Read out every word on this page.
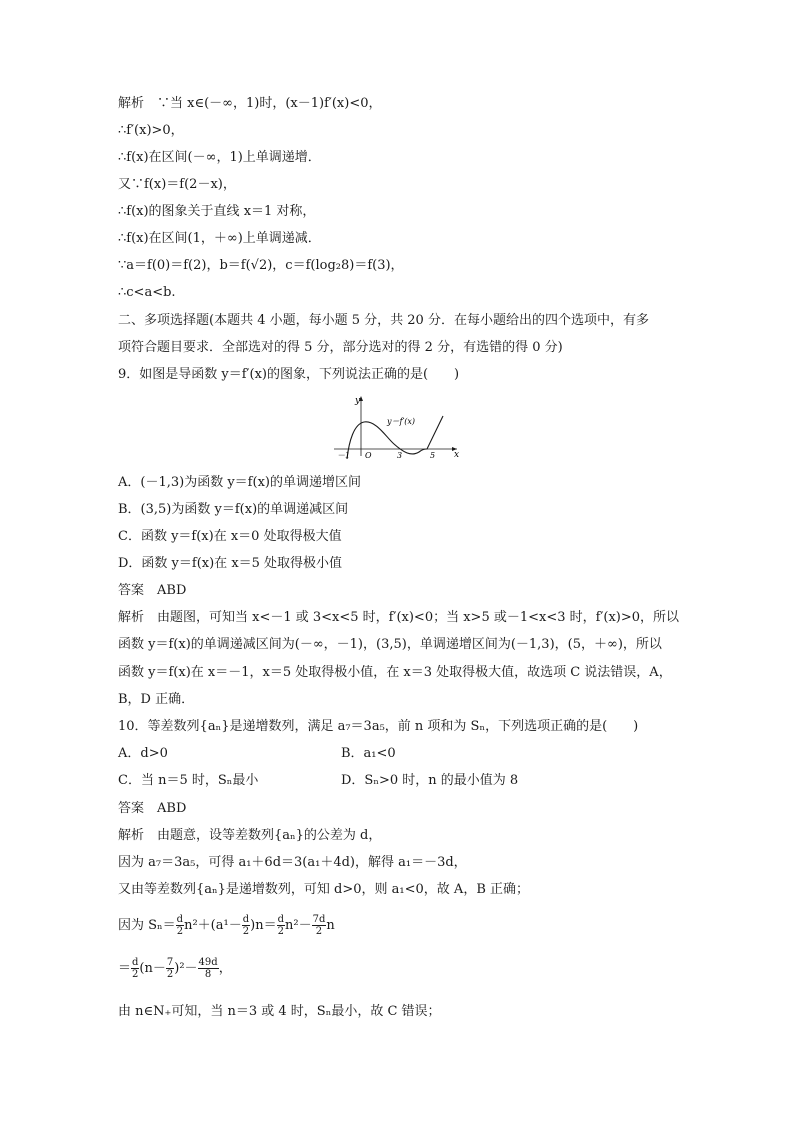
解析　∵当 x∈(－∞，1)时，(x－1)f′(x)<0，
∴f′(x)>0，
∴f(x)在区间(－∞，1)上单调递增．
又∵f(x)＝f(2－x)，
∴f(x)的图象关于直线 x＝1 对称，
∴f(x)在区间(1，＋∞)上单调递减．
∵a＝f(0)＝f(2)，b＝f(√2)，c＝f(log₂8)＝f(3)，
∴c<a<b.
二、多项选择题(本题共 4 小题，每小题 5 分，共 20 分．在每小题给出的四个选项中，有多
项符合题目要求．全部选对的得 5 分，部分选对的得 2 分，有选错的得 0 分)
9．如图是导函数 y＝f′(x)的图象，下列说法正确的是(　　)
y
x
y＝f′(x)
－1 O	3	5
A．(－1,3)为函数 y＝f(x)的单调递增区间
B．(3,5)为函数 y＝f(x)的单调递减区间
C．函数 y＝f(x)在 x＝0 处取得极大值
D．函数 y＝f(x)在 x＝5 处取得极小值
答案　ABD
解析　由题图，可知当 x<－1 或 3<x<5 时，f′(x)<0；当 x>5 或－1<x<3 时，f′(x)>0，所以
函数 y＝f(x)的单调递减区间为(－∞，－1)，(3,5)，单调递增区间为(－1,3)，(5，＋∞)，所以
函数 y＝f(x)在 x＝－1，x＝5 处取得极小值，在 x＝3 处取得极大值，故选项 C 说法错误，A，
B，D 正确．
10．等差数列{aₙ}是递增数列，满足 a₇＝3a₅，前 n 项和为 Sₙ，下列选项正确的是(　　)
A．d>0	B．a₁<0
C．当 n＝5 时，Sₙ最小	D．Sₙ>0 时，n 的最小值为 8
答案　ABD
解析　由题意，设等差数列{aₙ}的公差为 d，
因为 a₇＝3a₅，可得 a₁＋6d＝3(a₁＋4d)，解得 a₁＝－3d，
又由等差数列{aₙ}是递增数列，可知 d>0，则 a₁<0，故 A，B 正确；
因为 $S_n= \frac{d}{2} n^2+(a^1- \frac{d}{2} )n= \frac{d}{2} n^2- \frac{7d}{2}$ n
＝ $\frac{d}{2} (n- \frac{7}{2} )^2- \frac{49d}{8}$ ，
由 n∈N₊可知，当 n＝3 或 4 时，Sₙ最小，故 C 错误；
